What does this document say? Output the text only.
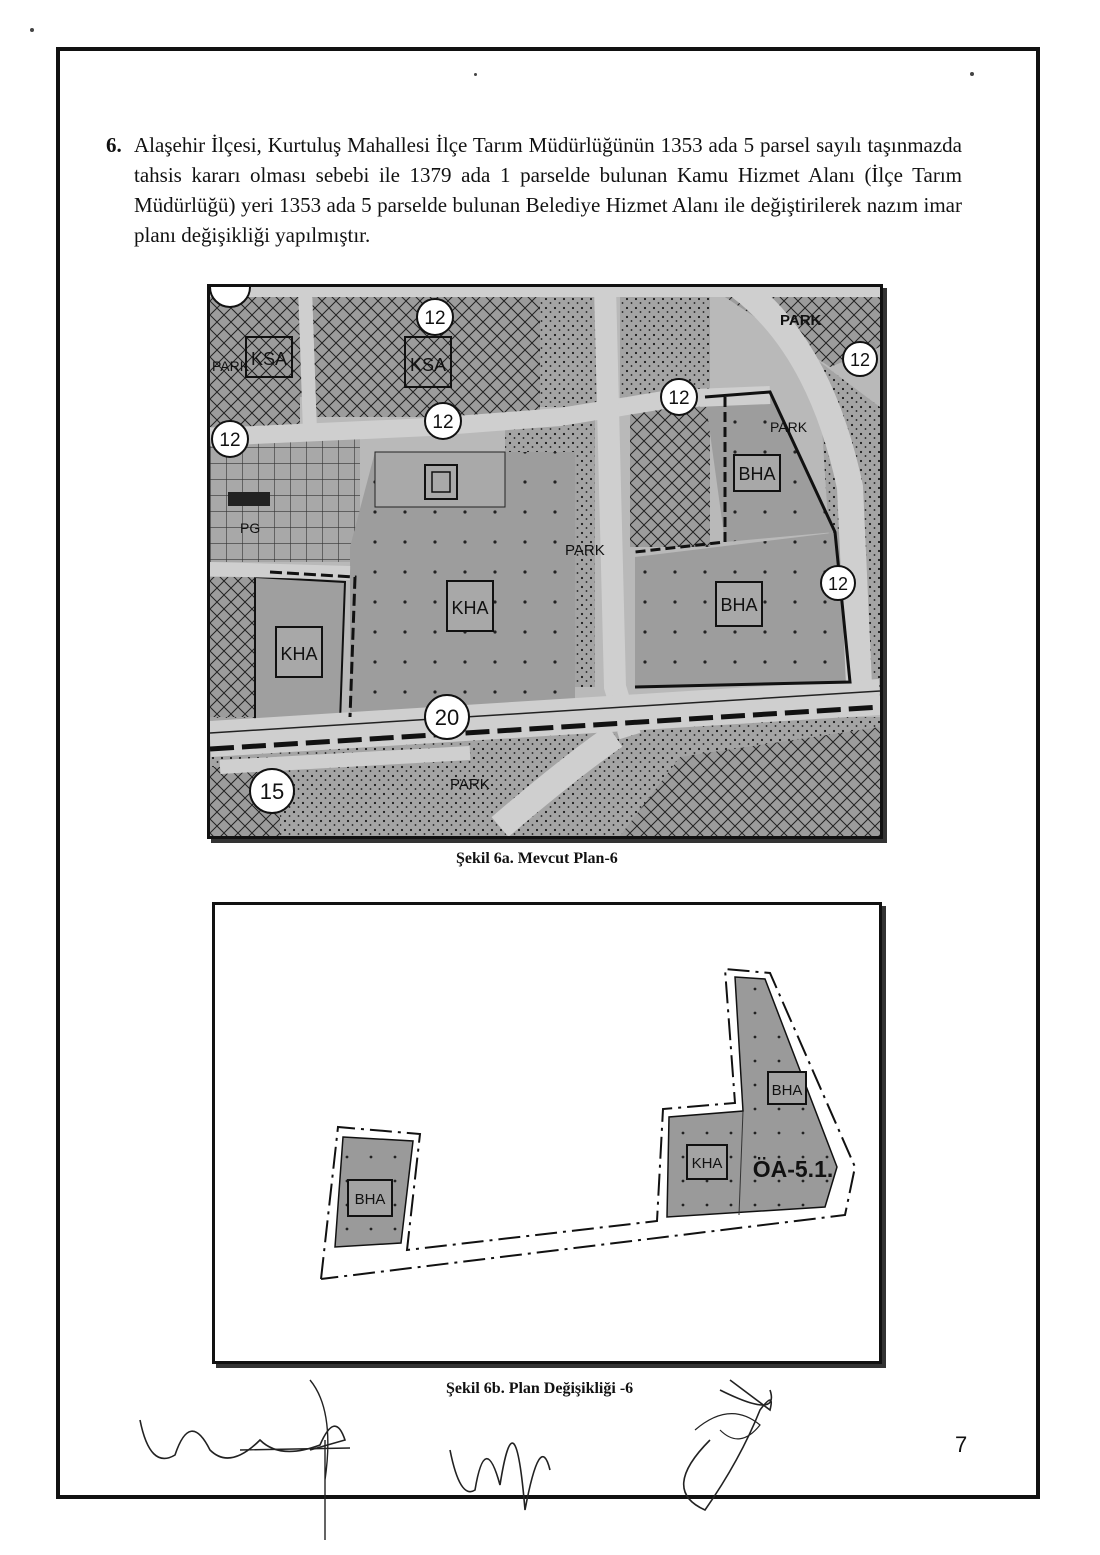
6. Alaşehir İlçesi, Kurtuluş Mahallesi İlçe Tarım Müdürlüğünün 1353 ada 5 parsel sayılı taşınmazda tahsis kararı olması sebebi ile 1379 ada 1 parselde bulunan Kamu Hizmet Alanı (İlçe Tarım Müdürlüğü) yeri 1353 ada 5 parselde bulunan Belediye Hizmet Alanı ile değiştirilerek nazım imar planı değişikliği yapılmıştır.
12
12
12
12
12
12
20
15
BHA
BHA
KHA
KHA
KSA	KSA
PARK
PARK
PARK
PARK
PARK
PG
Şekil 6a. Mevcut Plan-6
BHA
BHA
KHA ÖA-5.1.
Şekil 6b. Plan Değişikliği -6
7
